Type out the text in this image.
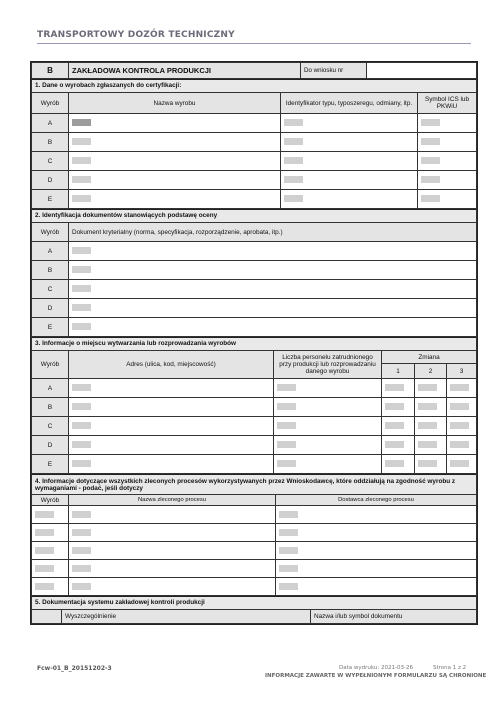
TRANSPORTOWY DOZÓR TECHNICZNY
B	ZAKŁADOWA KONTROLA PRODUKCJI	Do wniosku nr	
1. Dane o wyrobach zgłaszanych do certyfikacji:			
Wyrób	Nazwa wyrobu	Identyfikator typu, typoszeregu, odmiany, itp.	Symbol ICS lub PKWiU
A			
B			
C			
D			
E			
2. Identyfikacja dokumentów stanowiących podstawę oceny	
Wyrób	Dokument kryterialny (norma, specyfikacja, rozporządzenie, aprobata, itp.)
A	
B	
C	
D	
E	
3. Informacje o miejscu wytwarzania lub rozprowadzania wyrobów					
Wyrób	Adres (ulica, kod, miejscowość)	Liczba personelu zatrudnionego przy produkcji lub rozprowadzaniu danego wyrobu	Zmiana		
			1	2	3
A					
B					
C					
D					
E					
4. Informacje dotyczące wszystkich zleconych procesów wykorzystywanych przez Wnioskodawcę, które oddziałują na zgodność wyrobu z wymaganiami - podać, jeśli dotyczy		
Wyrób	Nazwa zleconego procesu	Dostawca zleconego procesu

5. Dokumentacja systemu zakładowej kontroli produkcji
	Wyszczególnienie	Nazwa i/lub symbol dokumentu
Fcw-01_B_20151202-3	Data wydruku: 2021-03-26	Strona 1 z 2
INFORMACJE ZAWARTE W WYPEŁNIONYM FORMULARZU SĄ CHRONIONE
